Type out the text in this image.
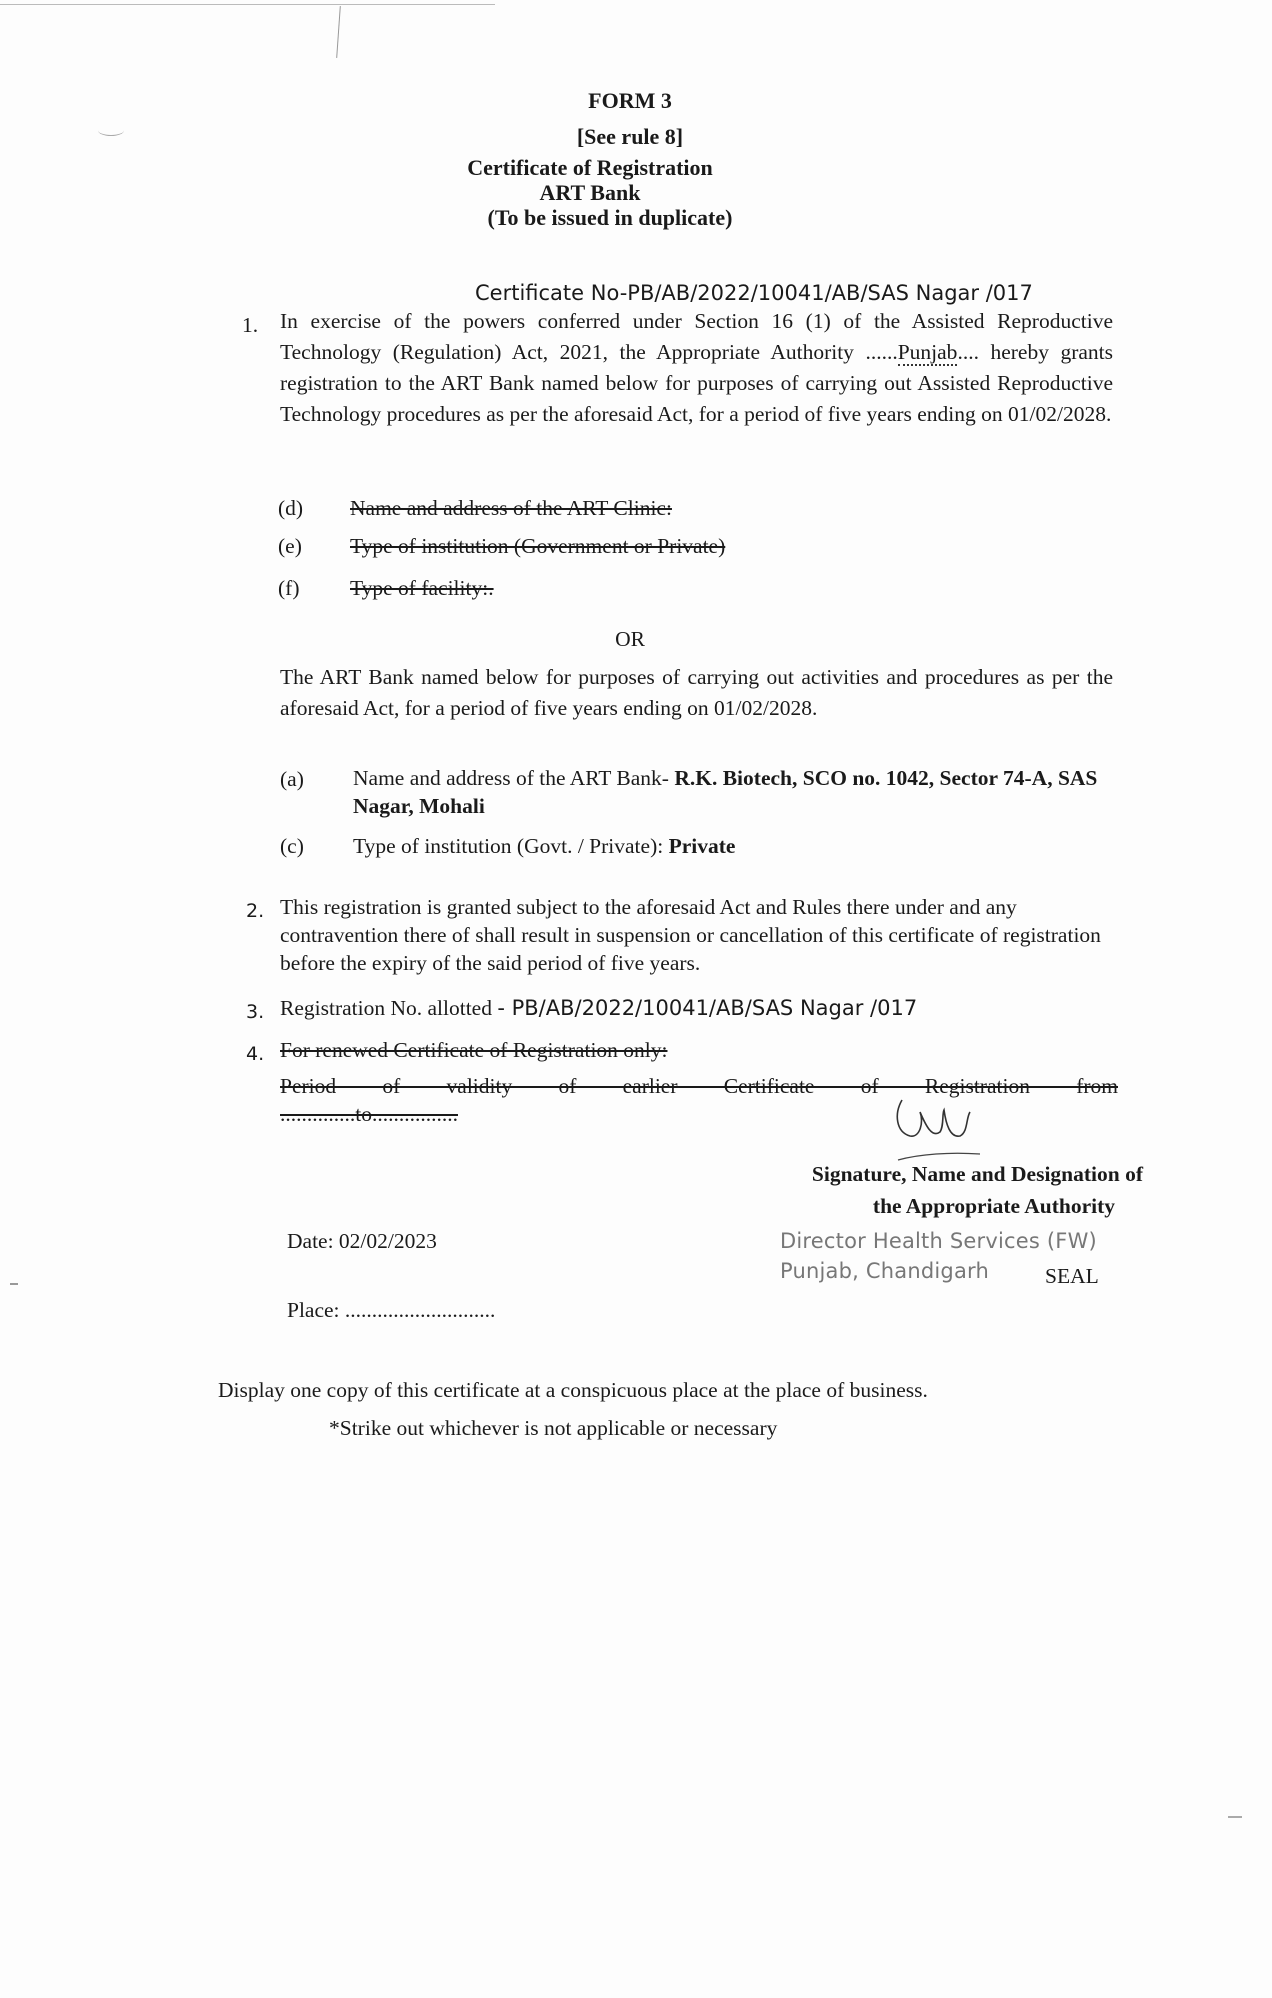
FORM 3
[See rule 8]
Certificate of Registration
ART Bank
(To be issued in duplicate)
Certificate No-PB/AB/2022/10041/AB/SAS Nagar /017
1. In exercise of the powers conferred under Section 16 (1) of the Assisted Reproductive Technology (Regulation) Act, 2021, the Appropriate Authority ......Punjab.... hereby grants registration to the ART Bank named below for purposes of carrying out Assisted Reproductive Technology procedures as per the aforesaid Act, for a period of five years ending on 01/02/2028.
(d) Name and address of the ART Clinic:
(e) Type of institution (Government or Private)
(f) Type of facility:.
OR
The ART Bank named below for purposes of carrying out activities and procedures as per the aforesaid Act, for a period of five years ending on 01/02/2028.
(a) Name and address of the ART Bank- R.K. Biotech, SCO no. 1042, Sector 74-A, SAS Nagar, Mohali
(c) Type of institution (Govt. / Private): Private
2. This registration is granted subject to the aforesaid Act and Rules there under and any contravention there of shall result in suspension or cancellation of this certificate of registration before the expiry of the said period of five years.
3. Registration No. allotted - PB/AB/2022/10041/AB/SAS Nagar /017
4. For renewed Certificate of Registration only:
Period of validity of earlier Certificate of Registration from
..............to................
Signature, Name and Designation of
the Appropriate Authority
Director Health Services (FW)
Punjab, Chandigarh	SEAL
Date: 02/02/2023
Place: ............................
Display one copy of this certificate at a conspicuous place at the place of business.
*Strike out whichever is not applicable or necessary
